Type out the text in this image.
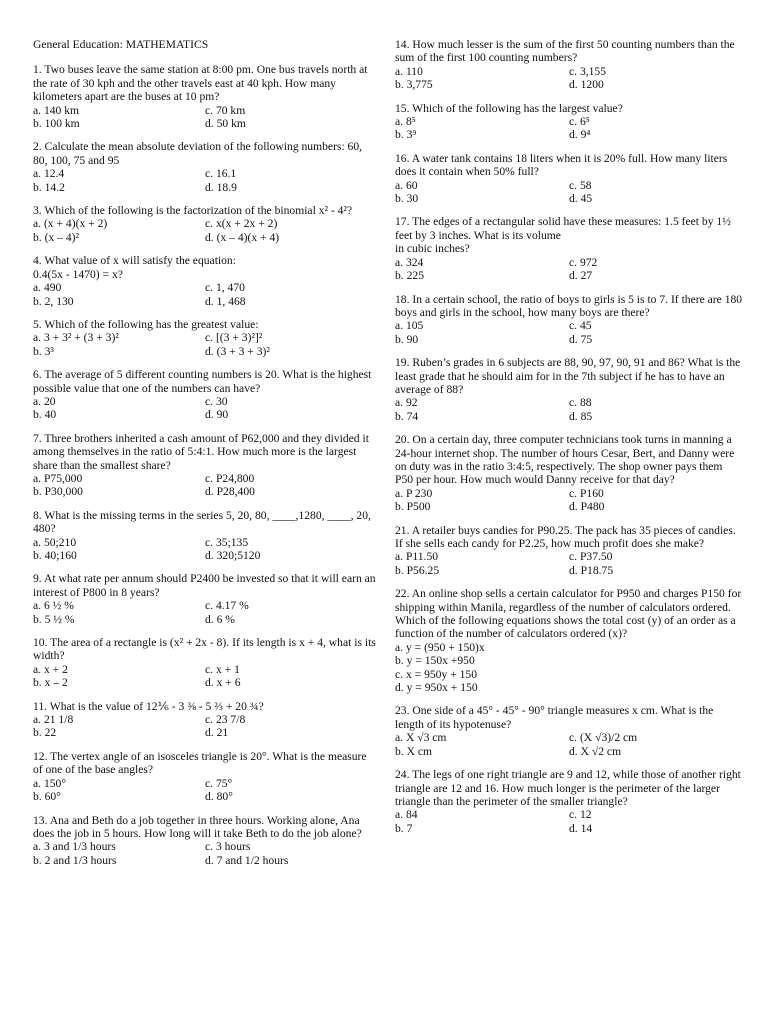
General Education: MATHEMATICS

1. Two buses leave the same station at 8:00 pm. One bus travels north at the rate of 30 kph and the other travels east at 40 kph. How many kilometers apart are the buses at 10 pm?

a. 140 km	c. 70 km
b. 100 km	d. 50 km

2. Calculate the mean absolute deviation of the following numbers: 60, 80, 100, 75 and 95

a. 12.4	c. 16.1
b. 14.2	d. 18.9

3. Which of the following is the factorization of the binomial x² - 4²?

a. (x + 4)(x + 2)	c. x(x + 2x + 2)
b. (x – 4)²	d. (x – 4)(x + 4)

4. What value of x will satisfy the equation:
0.4(5x - 1470) = x?

a. 490	c. 1, 470
b. 2, 130	d. 1, 468

5. Which of the following has the greatest value:

a. 3 + 3² + (3 + 3)²	c. [(3 + 3)²]²
b. 3³	d. (3 + 3 + 3)²

6. The average of 5 different counting numbers is 20. What is the highest possible value that one of the numbers can have?

a. 20	c. 30
b. 40	d. 90

7. Three brothers inherited a cash amount of P62,000 and they divided it among themselves in the ratio of 5:4:1. How much more is the largest share than the smallest share?

a. P75,000	c. P24,800
b. P30,000	d. P28,400

8. What is the missing terms in the series 5, 20, 80, ____,1280, ____, 20, 480?

a. 50;210	c. 35;135
b. 40;160	d. 320;5120

9. At what rate per annum should P2400 be invested so that it will earn an interest of P800 in 8 years?

a. 6 ½ %	c. 4.17 %
b. 5 ½ %	d. 6 %

10. The area of a rectangle is (x² + 2x - 8). If its length is x + 4, what is its width?

a. x + 2	c. x + 1
b. x – 2	d. x + 6

11. What is the value of 12⅙ - 3 ⅜ - 5 ⅔ + 20 ¾?

a. 21 1/8	c. 23 7/8
b. 22	d. 21

12. The vertex angle of an isosceles triangle is 20°. What is the measure of one of the base angles?

a. 150°	c. 75°
b. 60°	d. 80°

13. Ana and Beth do a job together in three hours. Working alone, Ana does the job in 5 hours. How long will it take Beth to do the job alone?

a. 3 and 1/3 hours	c. 3 hours
b. 2 and 1/3 hours	d. 7 and 1/2 hours

14. How much lesser is the sum of the first 50 counting numbers than the sum of the first 100 counting numbers?

a. 110	c. 3,155
b. 3,775	d. 1200

15. Which of the following has the largest value?

a. 8⁵	c. 6⁵
b. 3⁹	d. 9⁴

16. A water tank contains 18 liters when it is 20% full. How many liters does it contain when 50% full?

a. 60	c. 58
b. 30	d. 45

17. The edges of a rectangular solid have these measures: 1.5 feet by 1½ feet by 3 inches. What is its volume
in cubic inches?

a. 324	c. 972
b. 225	d. 27

18. In a certain school, the ratio of boys to girls is 5 is to 7. If there are 180 boys and girls in the school, how many boys are there?

a. 105	c. 45
b. 90	d. 75

19. Ruben’s grades in 6 subjects are 88, 90, 97, 90, 91 and 86? What is the least grade that he should aim for in the 7th subject if he has to have an average of 88?

a. 92	c. 88
b. 74	d. 85

20. On a certain day, three computer technicians took turns in manning a 24-hour internet shop. The number of hours Cesar, Bert, and Danny were on duty was in the ratio 3:4:5, respectively. The shop owner pays them P50 per hour. How much would Danny receive for that day?

a. P 230	c. P160
b. P500	d. P480

21. A retailer buys candies for P90.25. The pack has 35 pieces of candies. If she sells each candy for P2.25, how much profit does she make?

a. P11.50	c. P37.50
b. P56.25	d. P18.75

22. An online shop sells a certain calculator for P950 and charges P150 for shipping within Manila, regardless of the number of calculators ordered. Which of the following equations shows the total cost (y) of an order as a function of the number of calculators ordered (x)?

a. y = (950 + 150)x
b. y = 150x +950
c. x = 950y + 150
d. y = 950x + 150

23. One side of a 45° - 45° - 90° triangle measures x cm. What is the length of its hypotenuse?

a. X √3 cm	c. (X √3)/2 cm
b. X cm	d. X √2 cm

24. The legs of one right triangle are 9 and 12, while those of another right triangle are 12 and 16. How much longer is the perimeter of the larger triangle than the perimeter of the smaller triangle?

a. 84	c. 12
b. 7	d. 14
